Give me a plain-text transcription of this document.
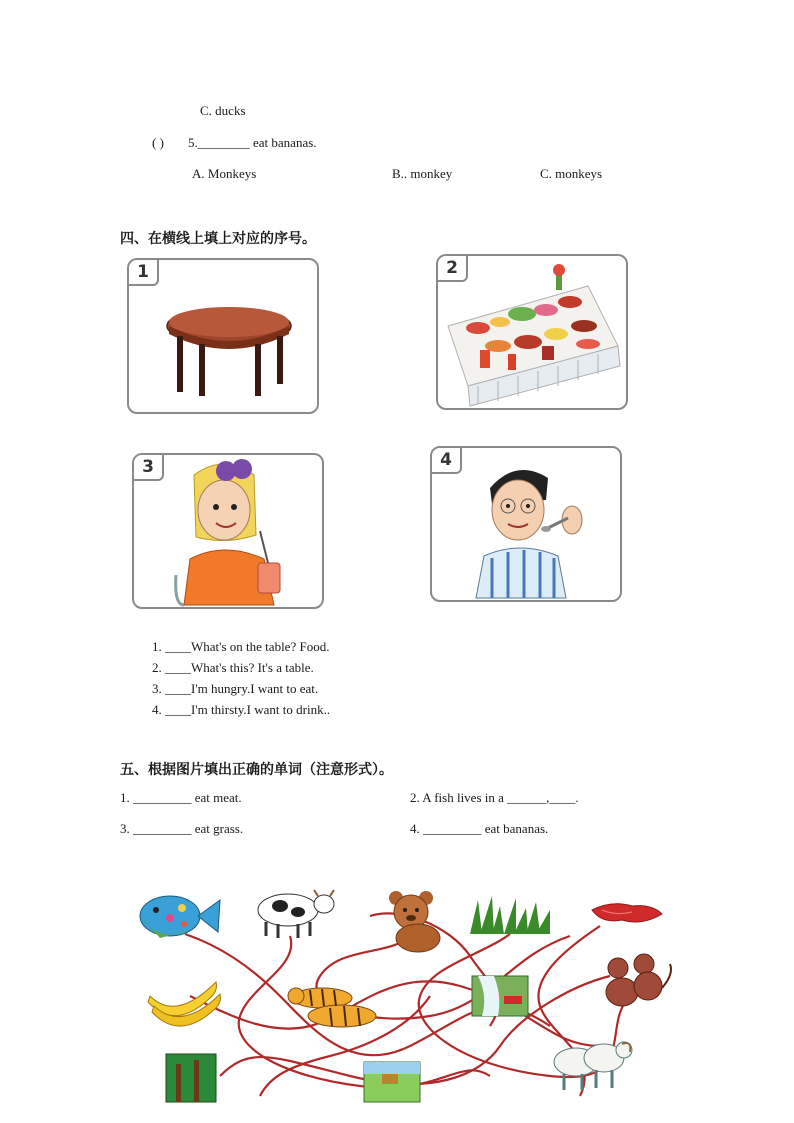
C. ducks
( ) 5.________ eat bananas.
A. Monkeys	B.. monkey	C. monkeys
四、在横线上填上对应的序号。
1	2
3	4
1. ____What's on the table? Food.
2. ____What's this? It's a table.
3. ____I'm hungry.I want to eat.
4. ____I'm thirsty.I want to drink..
五、根据图片填出正确的单词（注意形式）。
1. _________ eat meat.	2. A fish lives in a ______,____.
3. _________ eat grass.	4. _________ eat bananas.
